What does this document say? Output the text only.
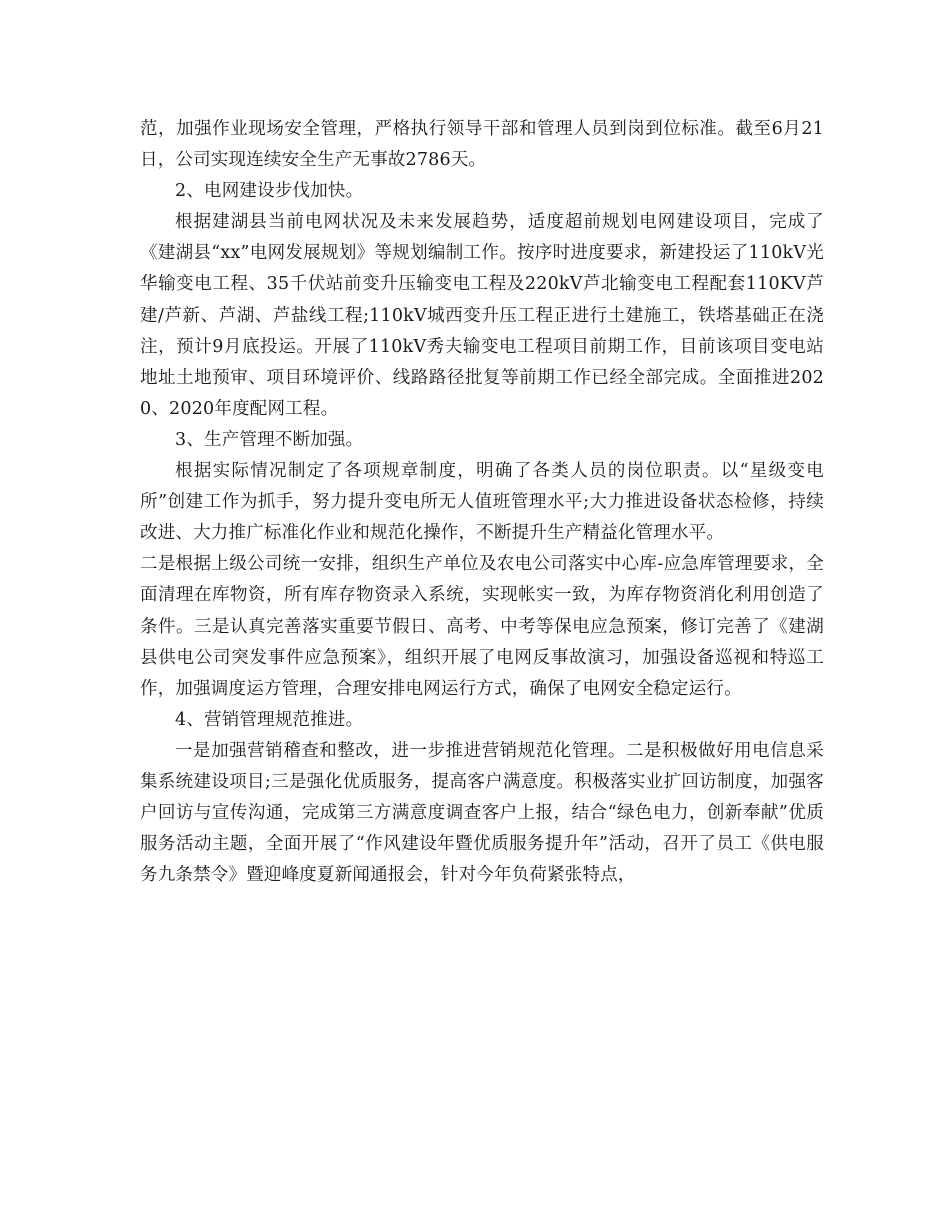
范，加强作业现场安全管理，严格执行领导干部和管理人员到岗到位标准。截至6月21日，公司实现连续安全生产无事故2786天。

2、电网建设步伐加快。

根据建湖县当前电网状况及未来发展趋势，适度超前规划电网建设项目，完成了《建湖县“xx”电网发展规划》等规划编制工作。按序时进度要求，新建投运了110kV光华输变电工程、35千伏站前变升压输变电工程及220kV芦北输变电工程配套110KV芦建/芦新、芦湖、芦盐线工程;110kV城西变升压工程正进行土建施工，铁塔基础正在浇注，预计9月底投运。开展了110kV秀夫输变电工程项目前期工作，目前该项目变电站地址土地预审、项目环境评价、线路路径批复等前期工作已经全部完成。全面推进2020、2020年度配网工程。

3、生产管理不断加强。

根据实际情况制定了各项规章制度，明确了各类人员的岗位职责。以“星级变电所”创建工作为抓手，努力提升变电所无人值班管理水平;大力推进设备状态检修，持续改进、大力推广标准化作业和规范化操作，不断提升生产精益化管理水平。

二是根据上级公司统一安排，组织生产单位及农电公司落实中心库-应急库管理要求，全面清理在库物资，所有库存物资录入系统，实现帐实一致，为库存物资消化利用创造了条件。三是认真完善落实重要节假日、高考、中考等保电应急预案，修订完善了《建湖县供电公司突发事件应急预案》，组织开展了电网反事故演习，加强设备巡视和特巡工作，加强调度运方管理，合理安排电网运行方式，确保了电网安全稳定运行。

4、营销管理规范推进。

一是加强营销稽查和整改，进一步推进营销规范化管理。二是积极做好用电信息采集系统建设项目;三是强化优质服务，提高客户满意度。积极落实业扩回访制度，加强客户回访与宣传沟通，完成第三方满意度调查客户上报，结合“绿色电力，创新奉献”优质服务活动主题，全面开展了“作风建设年暨优质服务提升年”活动，召开了员工《供电服务九条禁令》暨迎峰度夏新闻通报会，针对今年负荷紧张特点，
